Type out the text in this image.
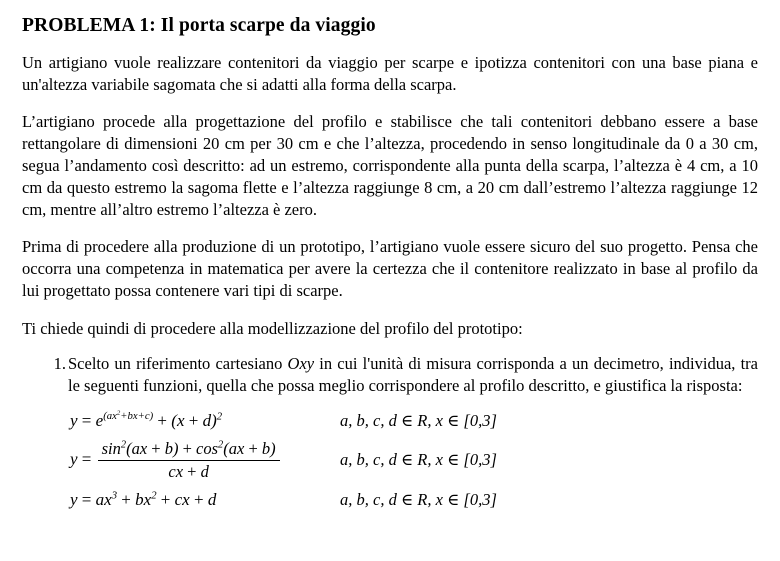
PROBLEMA 1: Il porta scarpe da viaggio

Un artigiano vuole realizzare contenitori da viaggio per scarpe e ipotizza contenitori con una base piana e un'altezza variabile sagomata che si adatti alla forma della scarpa.

L’artigiano procede alla progettazione del profilo e stabilisce che tali contenitori debbano essere a base rettangolare di dimensioni 20 cm per 30 cm e che l’altezza, procedendo in senso longitudinale da 0 a 30 cm, segua l’andamento così descritto: ad un estremo, corrispondente alla punta della scarpa, l’altezza è 4 cm, a 10 cm da questo estremo la sagoma flette e l’altezza raggiunge 8 cm, a 20 cm dall’estremo l’altezza raggiunge 12 cm, mentre all’altro estremo l’altezza è zero.

Prima di procedere alla produzione di un prototipo, l’artigiano vuole essere sicuro del suo progetto. Pensa che occorra una competenza in matematica per avere la certezza che il contenitore realizzato in base al profilo da lui progettato possa contenere vari tipi di scarpe.

Ti chiede quindi di procedere alla modellizzazione del profilo del prototipo:

1. Scelto un riferimento cartesiano Oxy in cui l'unità di misura corrisponda a un decimetro, individua, tra le seguenti funzioni, quella che possa meglio corrispondere al profilo descritto, e giustifica la risposta:
$y = e^{(ax^2+bx+c)} + (x + d)^2$	a, b, c, d ∈ R, x ∈ [0,3]
$y = \frac{\sin^2(ax + b) + \cos^2(ax + b)}{cx + d}$	a, b, c, d ∈ R, x ∈ [0,3]
$y = ax^3 + bx^2$ + cx + d	a, b, c, d ∈ R, x ∈ [0,3]
